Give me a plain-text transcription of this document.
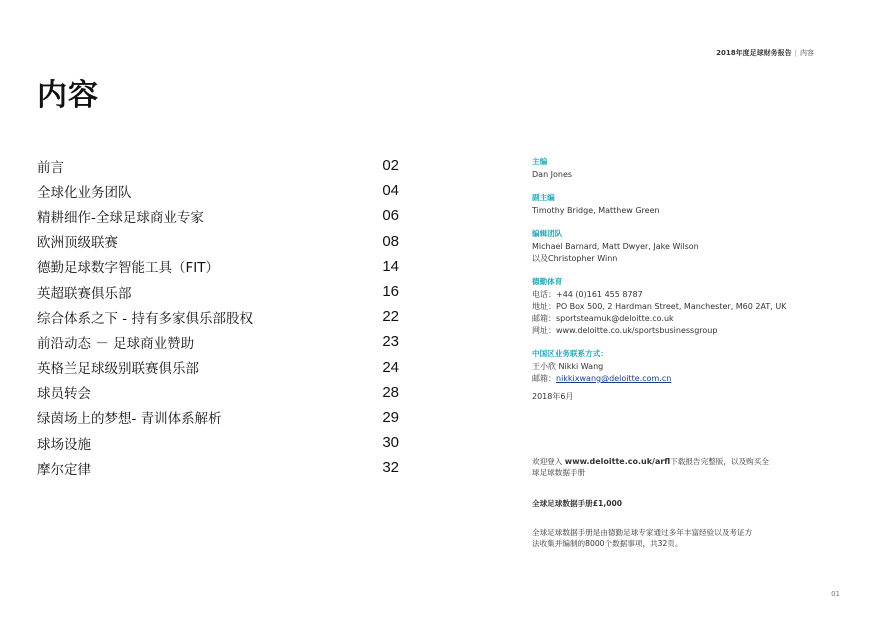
2018年度足球财务报告 | 内容
内容
前言	02
全球化业务团队	04
精耕细作-全球足球商业专家	06
欧洲顶级联赛	08
德勤足球数字智能工具（FIT）	14
英超联赛俱乐部	16
综合体系之下 - 持有多家俱乐部股权	22
前沿动态 － 足球商业赞助	23
英格兰足球级别联赛俱乐部	24
球员转会	28
绿茵场上的梦想- 青训体系解析	29
球场设施	30
摩尔定律	32
主编
Dan Jones
副主编
Timothy Bridge, Matthew Green
编辑团队
Michael Barnard, Matt Dwyer, Jake Wilson
以及Christopher Winn
德勤体育
电话：+44 (0)161 455 8787
地址：PO Box 500, 2 Hardman Street, Manchester, M60 2AT, UK
邮箱：sportsteamuk@deloitte.co.uk
网址：www.deloitte.co.uk/sportsbusinessgroup
中国区业务联系方式：
王小欣 Nikki Wang
邮箱：nikkixwang@deloitte.com.cn
2018年6月

欢迎登入 www.deloitte.co.uk/arfl下载报告完整版，以及购买全

球足球数据手册

全球足球数据手册£1,000

全球足球数据手册是由德勤足球专家通过多年丰富经验以及考证方

法收集并编制的8000个数据事项，共32页。

01
